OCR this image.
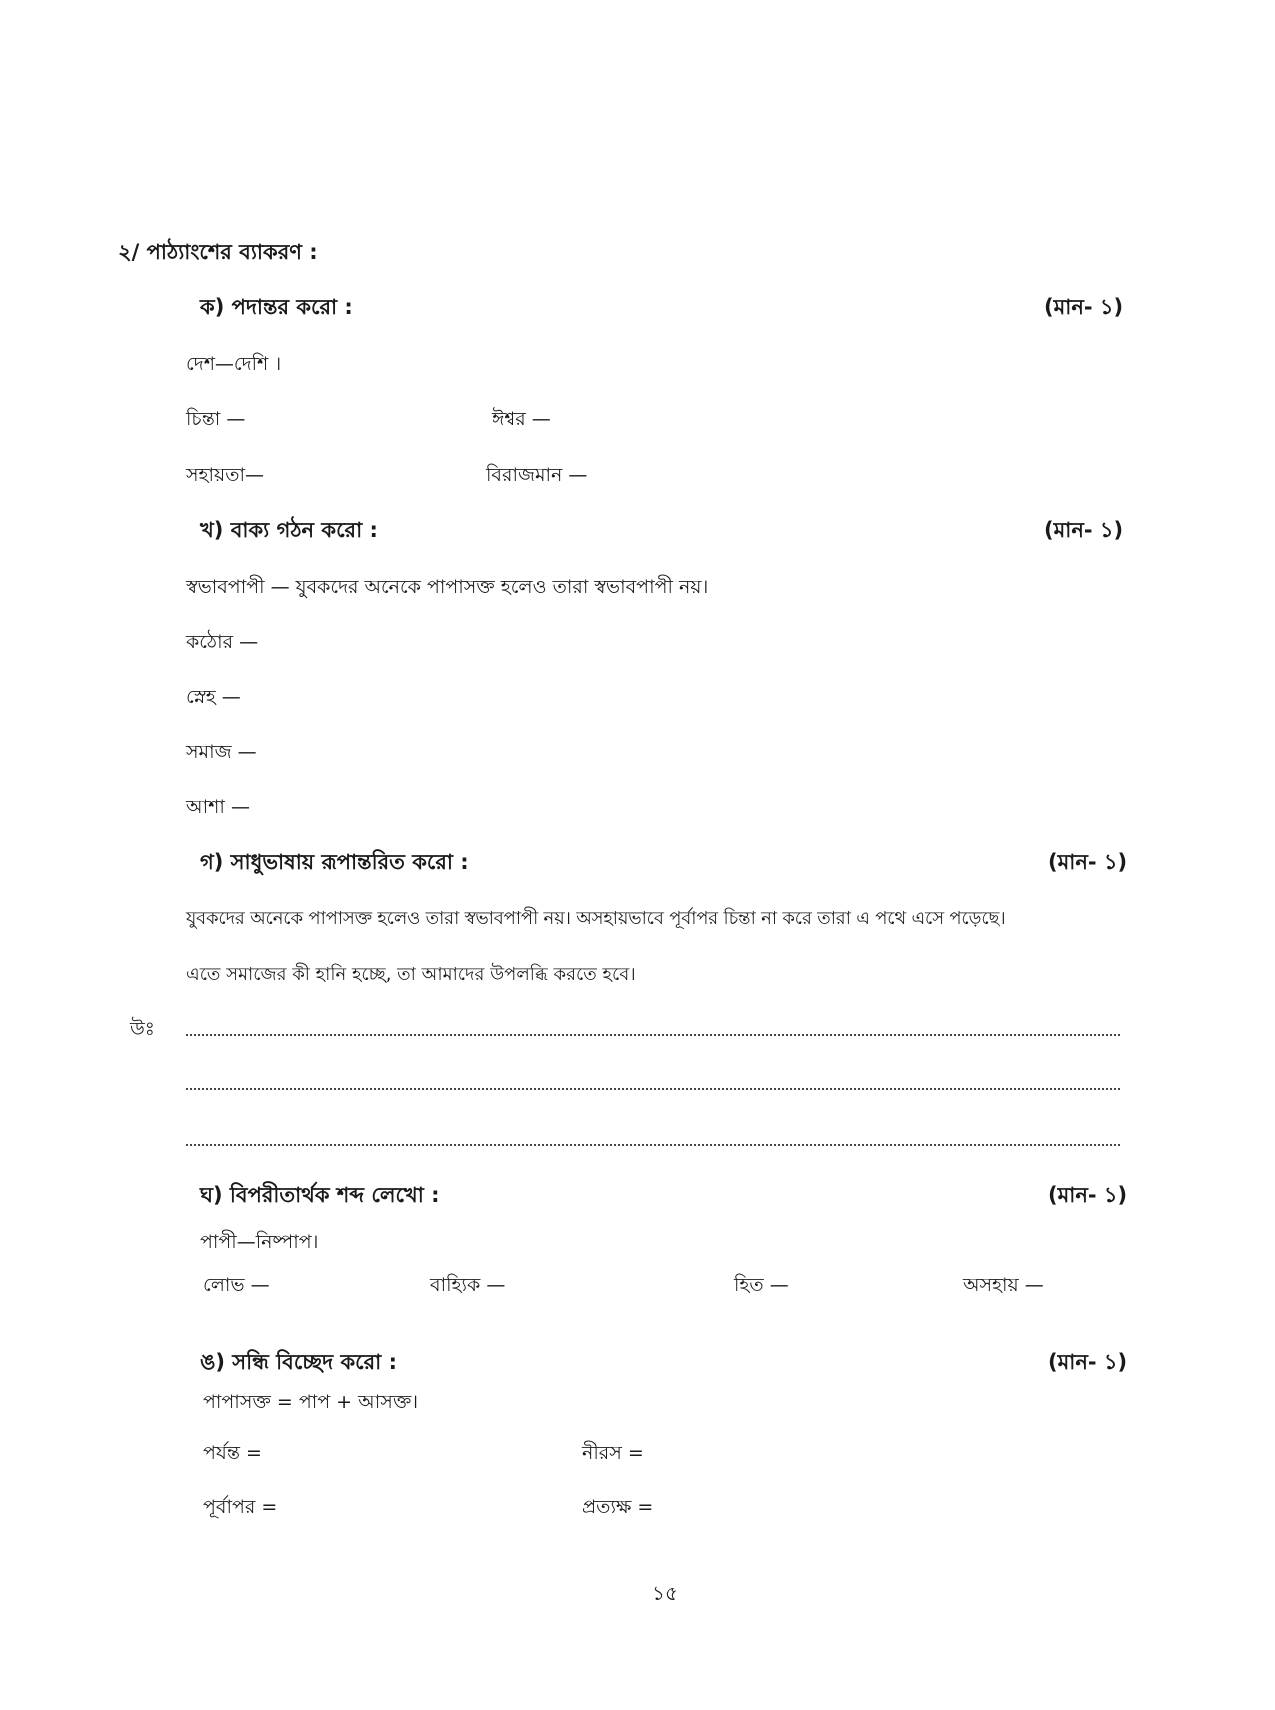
২/ পাঠ্যাংশের ব্যাকরণ :
ক) পদান্তর করো :	(মান- ১)
দেশ—দেশি ।
চিন্তা —	ঈশ্বর —
সহায়তা—	বিরাজমান —
খ) বাক্য গঠন করো :	(মান- ১)
স্বভাবপাপী — যুবকদের অনেকে পাপাসক্ত হলেও তারা স্বভাবপাপী নয়।
কঠোর —
স্নেহ —
সমাজ —
আশা —
গ) সাধুভাষায় রূপান্তরিত করো :	(মান- ১)
যুবকদের অনেকে পাপাসক্ত হলেও তারা স্বভাবপাপী নয়। অসহায়ভাবে পূর্বাপর চিন্তা না করে তারা এ পথে এসে পড়েছে।
এতে সমাজের কী হানি হচ্ছে, তা আমাদের উপলব্ধি করতে হবে।
উঃ
ঘ) বিপরীতার্থক শব্দ লেখো :	(মান- ১)
পাপী—নিষ্পাপ।
লোভ —	বাহ্যিক —	হিত —	অসহায় —
ঙ) সন্ধি বিচ্ছেদ করো :	(মান- ১)
পাপাসক্ত = পাপ + আসক্ত।
পর্যন্ত =	নীরস =
পূর্বাপর =	প্রত্যক্ষ =
১৫
